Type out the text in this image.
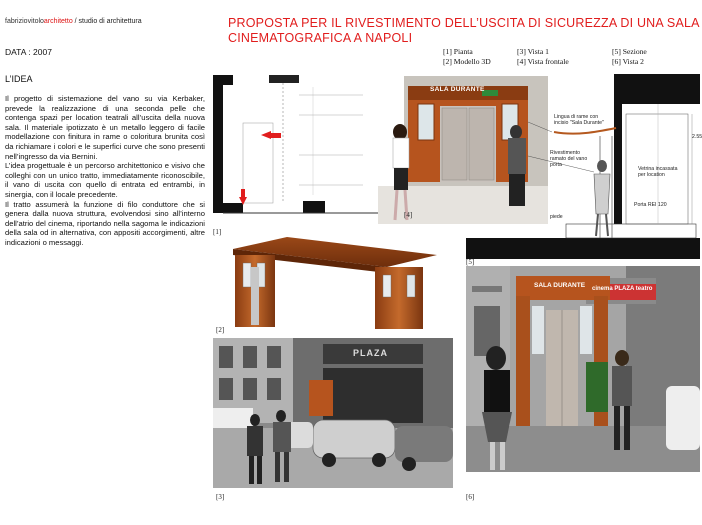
fabriziovitoloarchitetto / studio di architettura	PROPOSTA PER IL RIVESTIMENTO DELL’USCITA DI SICUREZZA DI UNA SALA CINEMATOGRAFICA A NAPOLI
DATA : 2007
L’IDEA

Il progetto di sistemazione del vano su via Kerbaker, prevede la realizzazione di una seconda pelle che contenga spazi per location teatrali all’uscita della nuova sala. Il materiale ipotizzato è un metallo leggero di facile modellazione con finitura in rame o coloritura brunita così da richiamare i colori e le superfici curve che sono presenti nell’ingresso da via Bernini.

L’idea progettuale è un percorso architettonico e visivo che colleghi con un unico tratto, immediatamente riconoscibile, il vano di uscita con quello di entrata ed entrambi, in sinergia, con il locale precedente.

Il tratto assumerà la funzione di filo conduttore che si genera dalla nuova struttura, evolvendosi sino all’interno dell’atrio del cinema, riportando nella sagoma le indicazioni della sala od in alternativa, con appositi accorgimenti, altre indicazioni o messaggi.

[1] Pianta
[2] Modello 3D
[3] Vista 1
[4] Vista frontale
[5] Sezione
[6] Vista 2
[1]
[2]
SALA DURANTE
[4]
Lingua di rame con incisio "Sala Durante"
Rivestimento ramato del vano porta
Vetrina incassata per location
Porta REI 120
piede
2.55
[5]
PLAZA
[3]
SALA DURANTE cinema PLAZA teatro
[6]
